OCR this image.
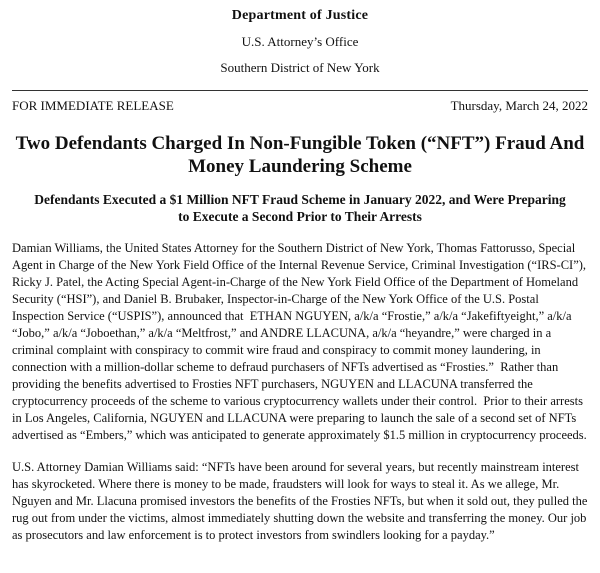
Department of Justice
U.S. Attorney’s Office
Southern District of New York
FOR IMMEDIATE RELEASE	Thursday, March 24, 2022
Two Defendants Charged In Non-Fungible Token (“NFT”) Fraud And Money Laundering Scheme
Defendants Executed a $1 Million NFT Fraud Scheme in January 2022, and Were Preparing to Execute a Second Prior to Their Arrests

Damian Williams, the United States Attorney for the Southern District of New York, Thomas Fattorusso, Special Agent in Charge of the New York Field Office of the Internal Revenue Service, Criminal Investigation (“IRS-CI”), Ricky J. Patel, the Acting Special Agent-in-Charge of the New York Field Office of the Department of Homeland Security (“HSI”), and Daniel B. Brubaker, Inspector-in-Charge of the New York Office of the U.S. Postal Inspection Service (“USPIS”), announced that  ETHAN NGUYEN, a/k/a “Frostie,” a/k/a “Jakefiftyeight,” a/k/a “Jobo,” a/k/a “Joboethan,” a/k/a “Meltfrost,” and ANDRE LLACUNA, a/k/a “heyandre,” were charged in a criminal complaint with conspiracy to commit wire fraud and conspiracy to commit money laundering, in connection with a million-dollar scheme to defraud purchasers of NFTs advertised as “Frosties.”  Rather than providing the benefits advertised to Frosties NFT purchasers, NGUYEN and LLACUNA transferred the cryptocurrency proceeds of the scheme to various cryptocurrency wallets under their control.  Prior to their arrests in Los Angeles, California, NGUYEN and LLACUNA were preparing to launch the sale of a second set of NFTs advertised as “Embers,” which was anticipated to generate approximately $1.5 million in cryptocurrency proceeds.

U.S. Attorney Damian Williams said: “NFTs have been around for several years, but recently mainstream interest has skyrocketed. Where there is money to be made, fraudsters will look for ways to steal it. As we allege, Mr. Nguyen and Mr. Llacuna promised investors the benefits of the Frosties NFTs, but when it sold out, they pulled the rug out from under the victims, almost immediately shutting down the website and transferring the money. Our job as prosecutors and law enforcement is to protect investors from swindlers looking for a payday.”
